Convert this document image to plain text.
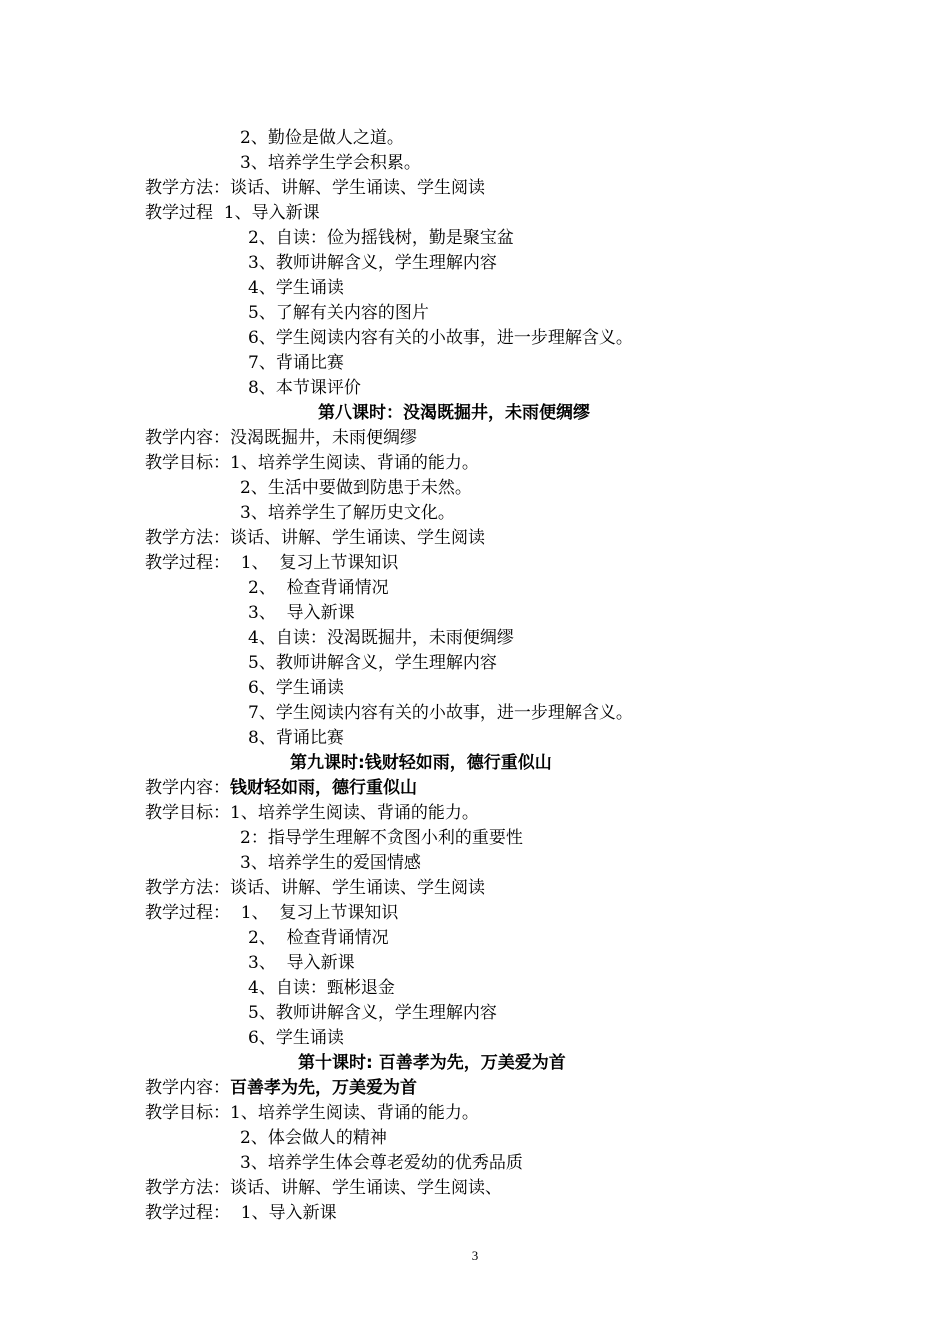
2、勤俭是做人之道。
3、培养学生学会积累。
教学方法：谈话、讲解、学生诵读、学生阅读
教学过程  1、导入新课
2、自读：俭为摇钱树，勤是聚宝盆
3、教师讲解含义，学生理解内容
4、学生诵读
5、了解有关内容的图片
6、学生阅读内容有关的小故事，进一步理解含义。
7、背诵比赛
8、本节课评价
第八课时：没渴既掘井，未雨便绸缪
教学内容：没渴既掘井，未雨便绸缪
教学目标：1、培养学生阅读、背诵的能力。
2、生活中要做到防患于未然。
3、培养学生了解历史文化。
教学方法：谈话、讲解、学生诵读、学生阅读
教学过程：  1、  复习上节课知识
2、  检查背诵情况
3、  导入新课
4、自读：没渴既掘井，未雨便绸缪
5、教师讲解含义，学生理解内容
6、学生诵读
7、学生阅读内容有关的小故事，进一步理解含义。
8、背诵比赛
第九课时:钱财轻如雨，德行重似山
教学内容：钱财轻如雨，德行重似山
教学目标：1、培养学生阅读、背诵的能力。
2：指导学生理解不贪图小利的重要性
3、培养学生的爱国情感
教学方法：谈话、讲解、学生诵读、学生阅读
教学过程：  1、  复习上节课知识
2、  检查背诵情况
3、  导入新课
4、自读：甄彬退金
5、教师讲解含义，学生理解内容
6、学生诵读
第十课时: 百善孝为先，万美爱为首
教学内容：百善孝为先，万美爱为首
教学目标：1、培养学生阅读、背诵的能力。
2、体会做人的精神
3、培养学生体会尊老爱幼的优秀品质
教学方法：谈话、讲解、学生诵读、学生阅读、
教学过程：  1、导入新课
3
